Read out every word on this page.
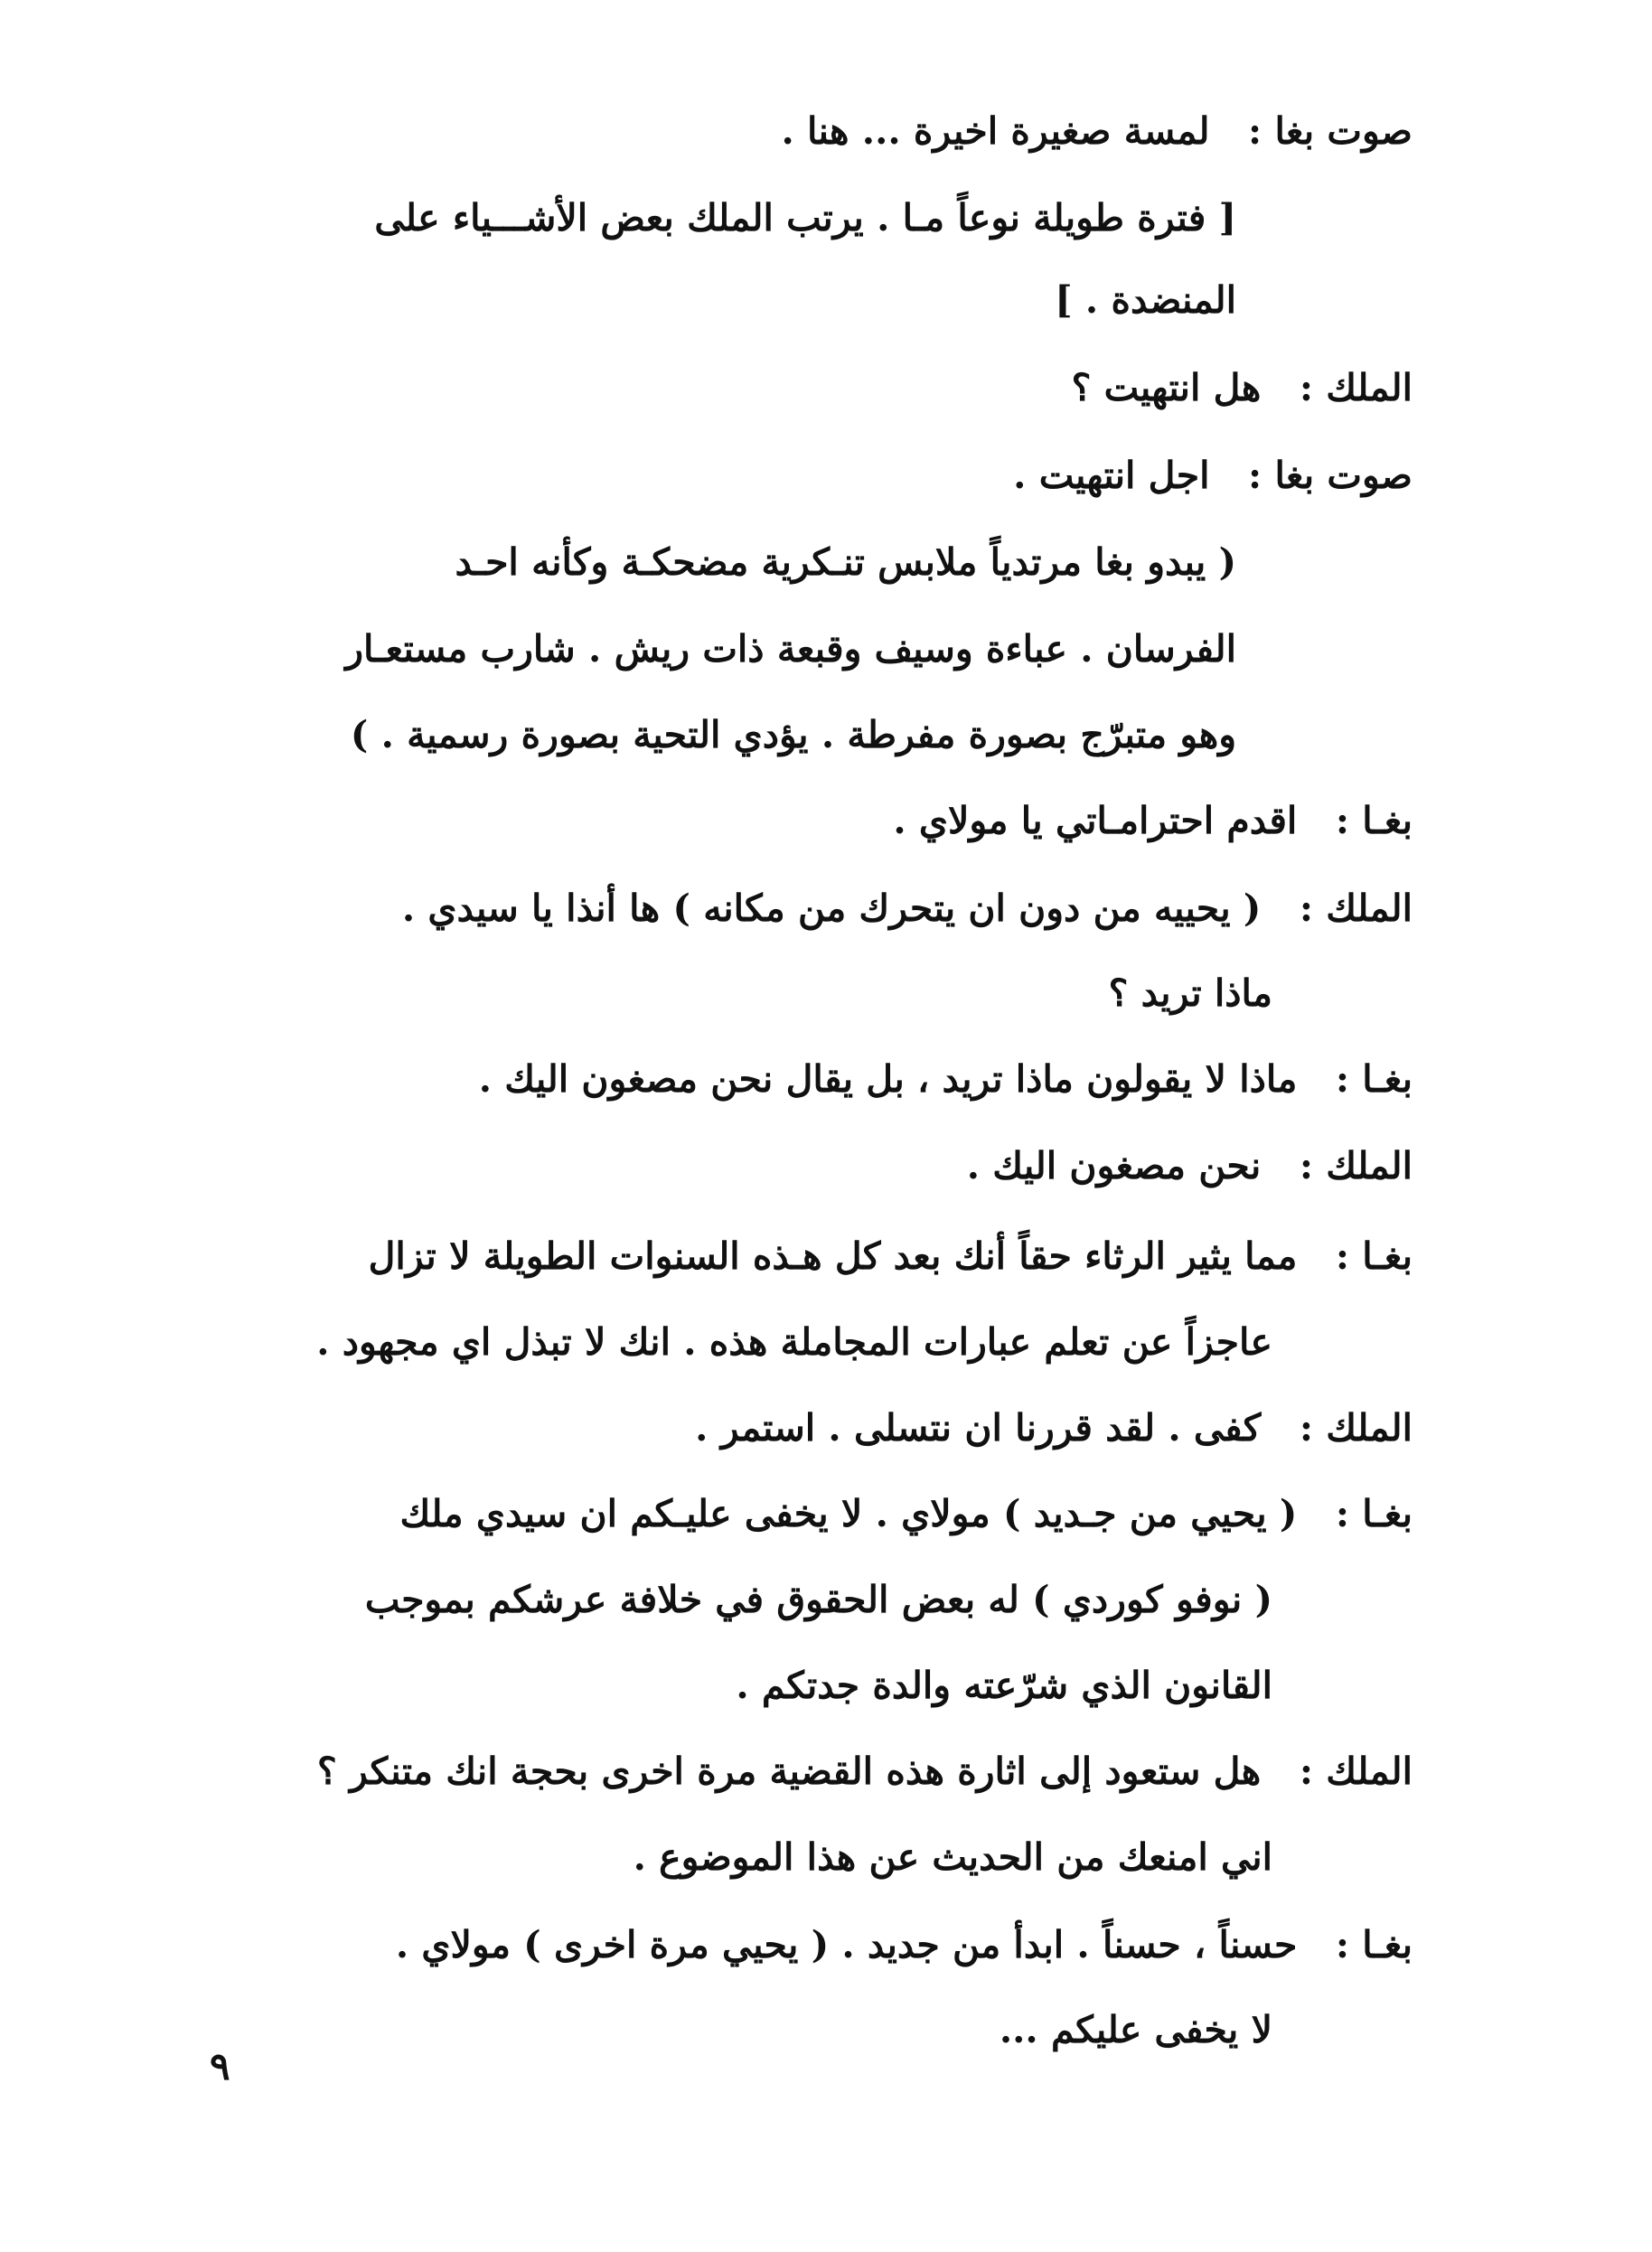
صوت بغا :  لمسة صغيرة اخيرة ... هنا .
[ فترة طويلة نوعاً مـا . يرتب الملك بعض الأشـــياء على
المنضدة . ]
الملك :  هل انتهيت ؟
صوت بغا :  اجل انتهيت .
( يبدو بغا مرتدياً ملابس تنـكرية مضحكـة وكأنه احـد
الفرسان . عباءة وسيف وقبعة ذات ريش . شارب مستعـار
وهو متبرّج بصورة مفرطة . يؤدي التحية بصورة رسمية . )
بغـا :  اقدم احترامـاتي يا مولاي .
الملك :  ( يحييه من دون ان يتحرك من مكانه ) ها أنذا يا سيدي .
ماذا تريد ؟
بغـا :  ماذا لا يقولون ماذا تريد ، بل يقال نحن مصغون اليك .
الملك :  نحن مصغون اليك .
بغـا :  مما يثير الرثاء حقاً أنك بعد كل هـذه السنوات الطويلة لا تزال
عاجزاً عن تعلم عبارات المجاملة هذه . انك لا تبذل اي مجهود .
الملك :  كفى . لقد قررنا ان نتسلى . استمر .
بغـا :  ( يحيي من جـديد ) مولاي . لا يخفى عليـكم ان سيدي ملك
( نوفو كوردي ) له بعض الحقوق في خلافة عرشكم بموجب
القانون الذي شرّعته والدة جدتكم .
الملك :  هل ستعود إلى اثارة هذه القضية مرة اخرى بحجة انك متنكر ؟
اني امنعك من الحديث عن هذا الموضوع .
بغـا :  حسناً ، حسناً . ابدأ من جديد . ( يحيي مرة اخرى ) مولاي .
لا يخفى عليكم ...
٩
